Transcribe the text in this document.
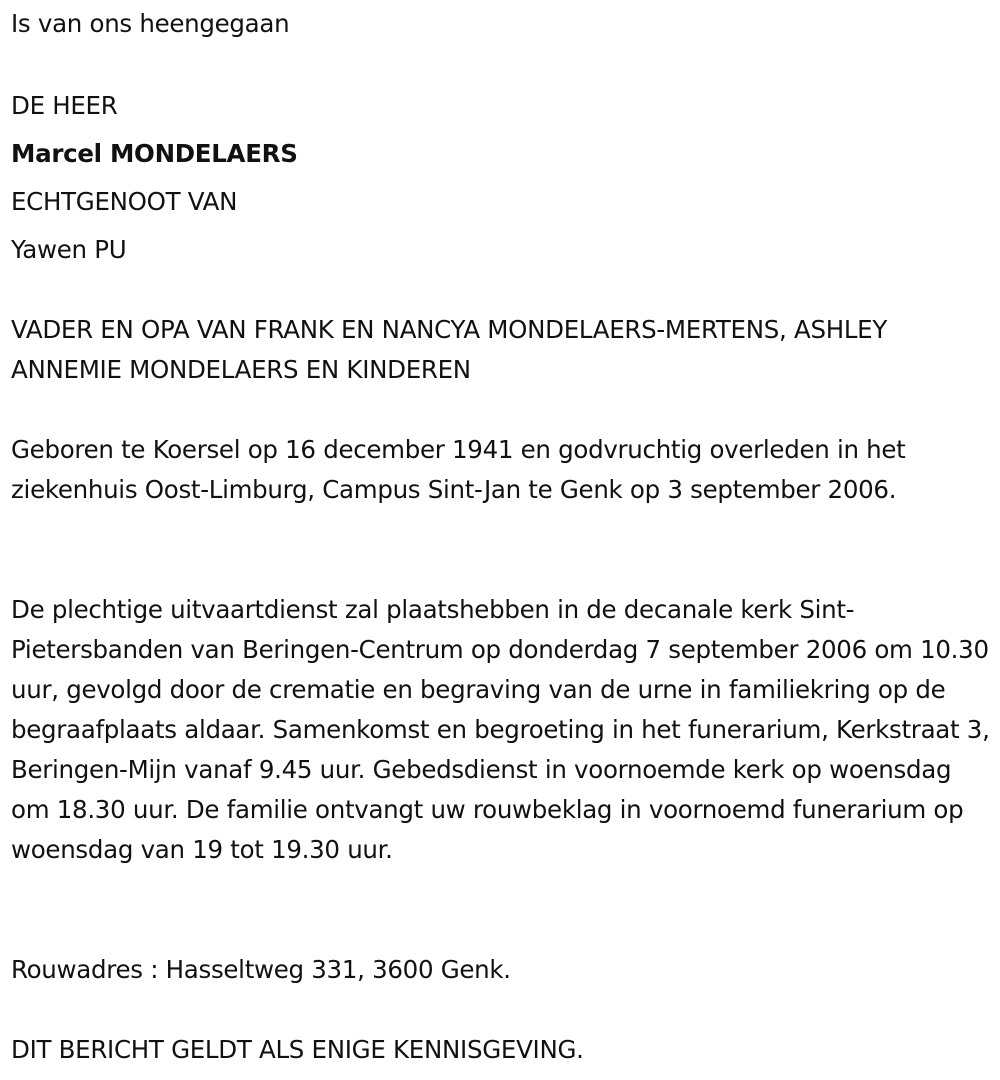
Is van ons heengegaan
DE HEER
Marcel MONDELAERS
ECHTGENOOT VAN
Yawen PU
VADER EN OPA VAN FRANK EN NANCYA MONDELAERS-MERTENS, ASHLEY ANNEMIE MONDELAERS EN KINDEREN
Geboren te Koersel op 16 december 1941 en godvruchtig overleden in het ziekenhuis Oost-Limburg, Campus Sint-Jan te Genk op 3 september 2006.
De plechtige uitvaartdienst zal plaatshebben in de decanale kerk Sint-Pietersbanden van Beringen-Centrum op donderdag 7 september 2006 om 10.30 uur, gevolgd door de crematie en begraving van de urne in familiekring op de begraafplaats aldaar. Samenkomst en begroeting in het funerarium, Kerkstraat 3, Beringen-Mijn vanaf 9.45 uur. Gebedsdienst in voornoemde kerk op woensdag om 18.30 uur. De familie ontvangt uw rouwbeklag in voornoemd funerarium op woensdag van 19 tot 19.30 uur.
Rouwadres : Hasseltweg 331, 3600 Genk.
DIT BERICHT GELDT ALS ENIGE KENNISGEVING.
